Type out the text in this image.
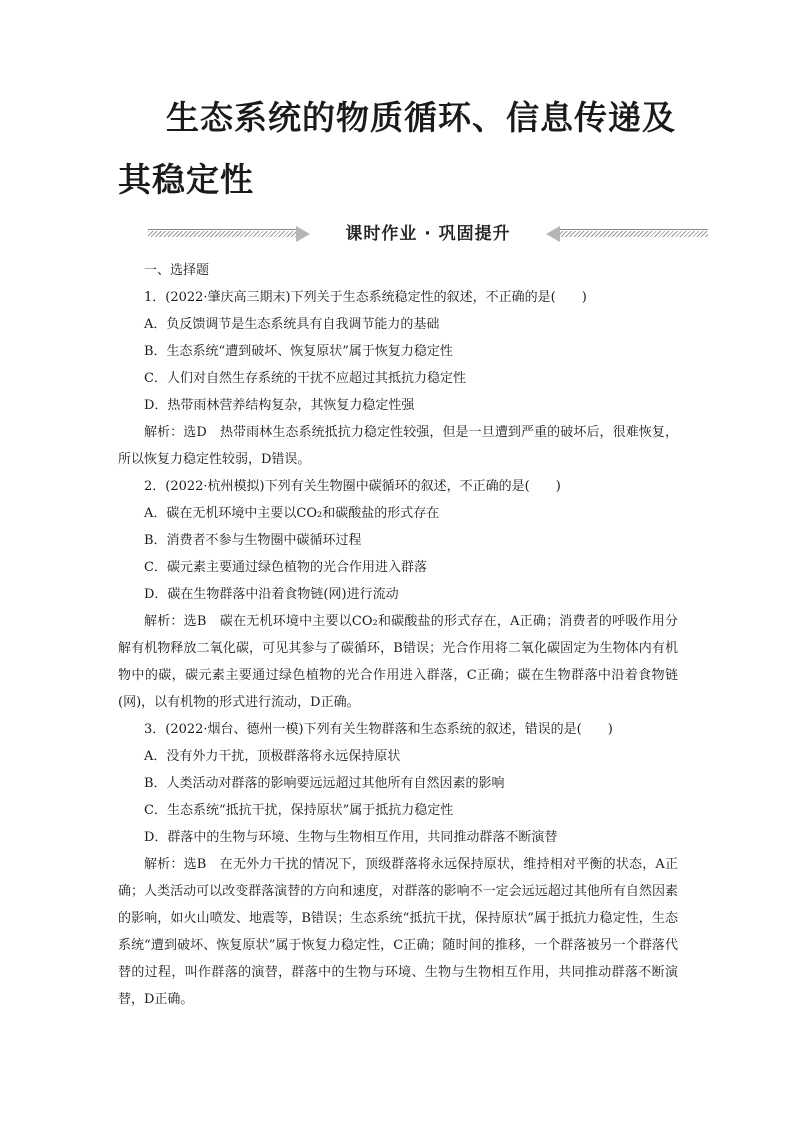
生态系统的物质循环、信息传递及
其稳定性
课时作业 · 巩固提升

一、选择题

1．(2022·肇庆高三期末)下列关于生态系统稳定性的叙述，不正确的是(　　)

A．负反馈调节是生态系统具有自我调节能力的基础

B．生态系统“遭到破坏、恢复原状”属于恢复力稳定性

C．人们对自然生存系统的干扰不应超过其抵抗力稳定性

D．热带雨林营养结构复杂，其恢复力稳定性强

解析：选D　热带雨林生态系统抵抗力稳定性较强，但是一旦遭到严重的破坏后，很难恢复，所以恢复力稳定性较弱，D错误。

2．(2022·杭州模拟)下列有关生物圈中碳循环的叙述，不正确的是(　　)

A．碳在无机环境中主要以CO₂和碳酸盐的形式存在

B．消费者不参与生物圈中碳循环过程

C．碳元素主要通过绿色植物的光合作用进入群落

D．碳在生物群落中沿着食物链(网)进行流动

解析：选B　碳在无机环境中主要以CO₂和碳酸盐的形式存在，A正确；消费者的呼吸作用分解有机物释放二氧化碳，可见其参与了碳循环，B错误；光合作用将二氧化碳固定为生物体内有机物中的碳，碳元素主要通过绿色植物的光合作用进入群落，C正确；碳在生物群落中沿着食物链(网)，以有机物的形式进行流动，D正确。

3．(2022·烟台、德州一模)下列有关生物群落和生态系统的叙述，错误的是(　　)

A．没有外力干扰，顶极群落将永远保持原状

B．人类活动对群落的影响要远远超过其他所有自然因素的影响

C．生态系统“抵抗干扰，保持原状”属于抵抗力稳定性

D．群落中的生物与环境、生物与生物相互作用，共同推动群落不断演替

解析：选B　在无外力干扰的情况下，顶级群落将永远保持原状，维持相对平衡的状态，A正确；人类活动可以改变群落演替的方向和速度，对群落的影响不一定会远远超过其他所有自然因素的影响，如火山喷发、地震等，B错误；生态系统“抵抗干扰，保持原状”属于抵抗力稳定性，生态系统“遭到破坏、恢复原状”属于恢复力稳定性，C正确；随时间的推移，一个群落被另一个群落代替的过程，叫作群落的演替，群落中的生物与环境、生物与生物相互作用，共同推动群落不断演替，D正确。
